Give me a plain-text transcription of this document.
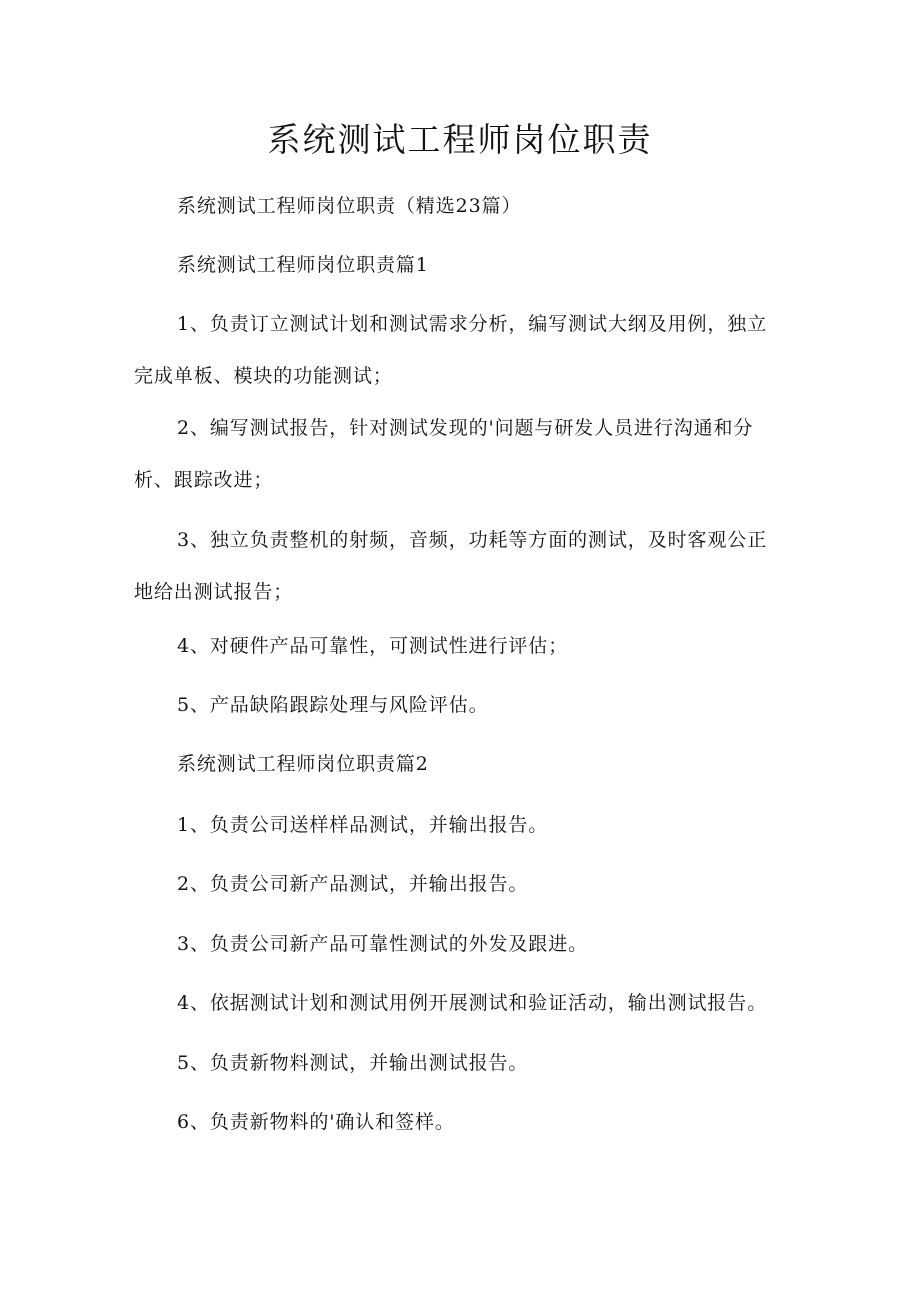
系统测试工程师岗位职责

系统测试工程师岗位职责（精选23篇）

系统测试工程师岗位职责篇1

1、负责订立测试计划和测试需求分析，编写测试大纲及用例，独立完成单板、模块的功能测试；

2、编写测试报告，针对测试发现的'问题与研发人员进行沟通和分析、跟踪改进；

3、独立负责整机的射频，音频，功耗等方面的测试，及时客观公正地给出测试报告；

4、对硬件产品可靠性，可测试性进行评估；

5、产品缺陷跟踪处理与风险评估。

系统测试工程师岗位职责篇2

1、负责公司送样样品测试，并输出报告。

2、负责公司新产品测试，并输出报告。

3、负责公司新产品可靠性测试的外发及跟进。

4、依据测试计划和测试用例开展测试和验证活动，输出测试报告。

5、负责新物料测试，并输出测试报告。

6、负责新物料的'确认和签样。
